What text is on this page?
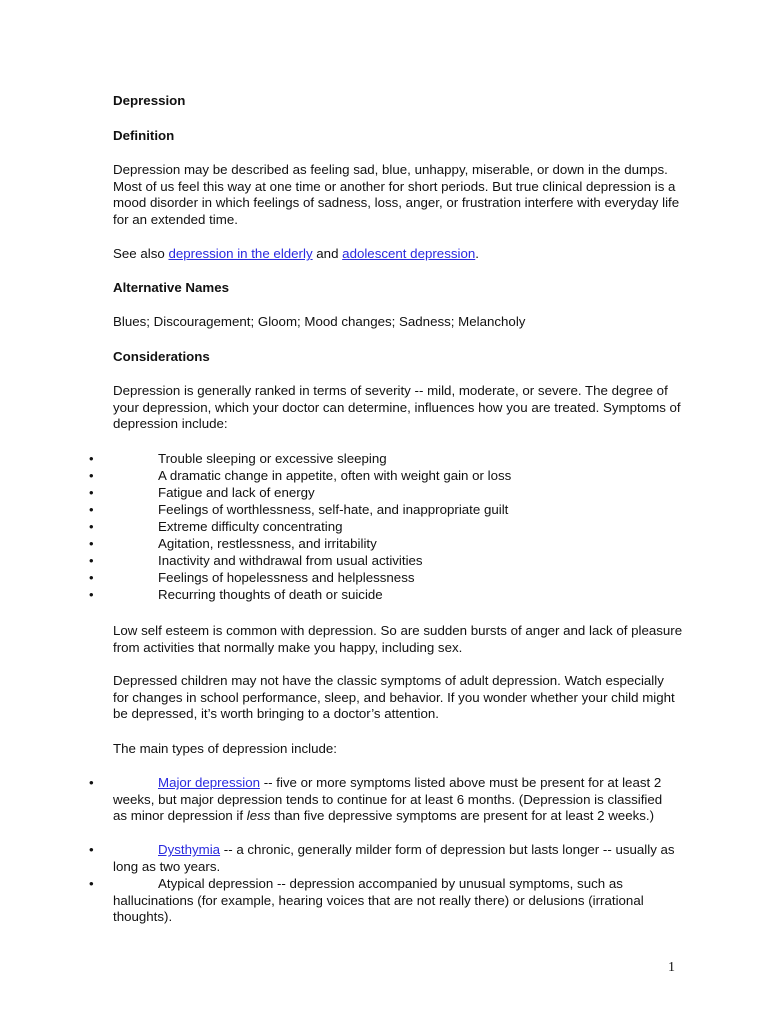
Depression
Definition

Depression may be described as feeling sad, blue, unhappy, miserable, or down in the dumps. Most of us feel this way at one time or another for short periods. But true clinical depression is a mood disorder in which feelings of sadness, loss, anger, or frustration interfere with everyday life for an extended time.

See also depression in the elderly and adolescent depression.

Alternative Names

Blues; Discouragement; Gloom; Mood changes; Sadness; Melancholy

Considerations

Depression is generally ranked in terms of severity -- mild, moderate, or severe. The degree of your depression, which your doctor can determine, influences how you are treated. Symptoms of depression include:

•	Trouble sleeping or excessive sleeping
•	A dramatic change in appetite, often with weight gain or loss
•	Fatigue and lack of energy
•	Feelings of worthlessness, self-hate, and inappropriate guilt
•	Extreme difficulty concentrating
•	Agitation, restlessness, and irritability
•	Inactivity and withdrawal from usual activities
•	Feelings of hopelessness and helplessness
•	Recurring thoughts of death or suicide

Low self esteem is common with depression. So are sudden bursts of anger and lack of pleasure from activities that normally make you happy, including sex.

Depressed children may not have the classic symptoms of adult depression. Watch especially for changes in school performance, sleep, and behavior. If you wonder whether your child might be depressed, it’s worth bringing to a doctor’s attention.

The main types of depression include:

•	Major depression -- five or more symptoms listed above must be present for at least 2 weeks, but major depression tends to continue for at least 6 months. (Depression is classified as minor depression if less than five depressive symptoms are present for at least 2 weeks.)
•	Dysthymia -- a chronic, generally milder form of depression but lasts longer -- usually as long as two years.
•	Atypical depression -- depression accompanied by unusual symptoms, such as hallucinations (for example, hearing voices that are not really there) or delusions (irrational thoughts).
1
